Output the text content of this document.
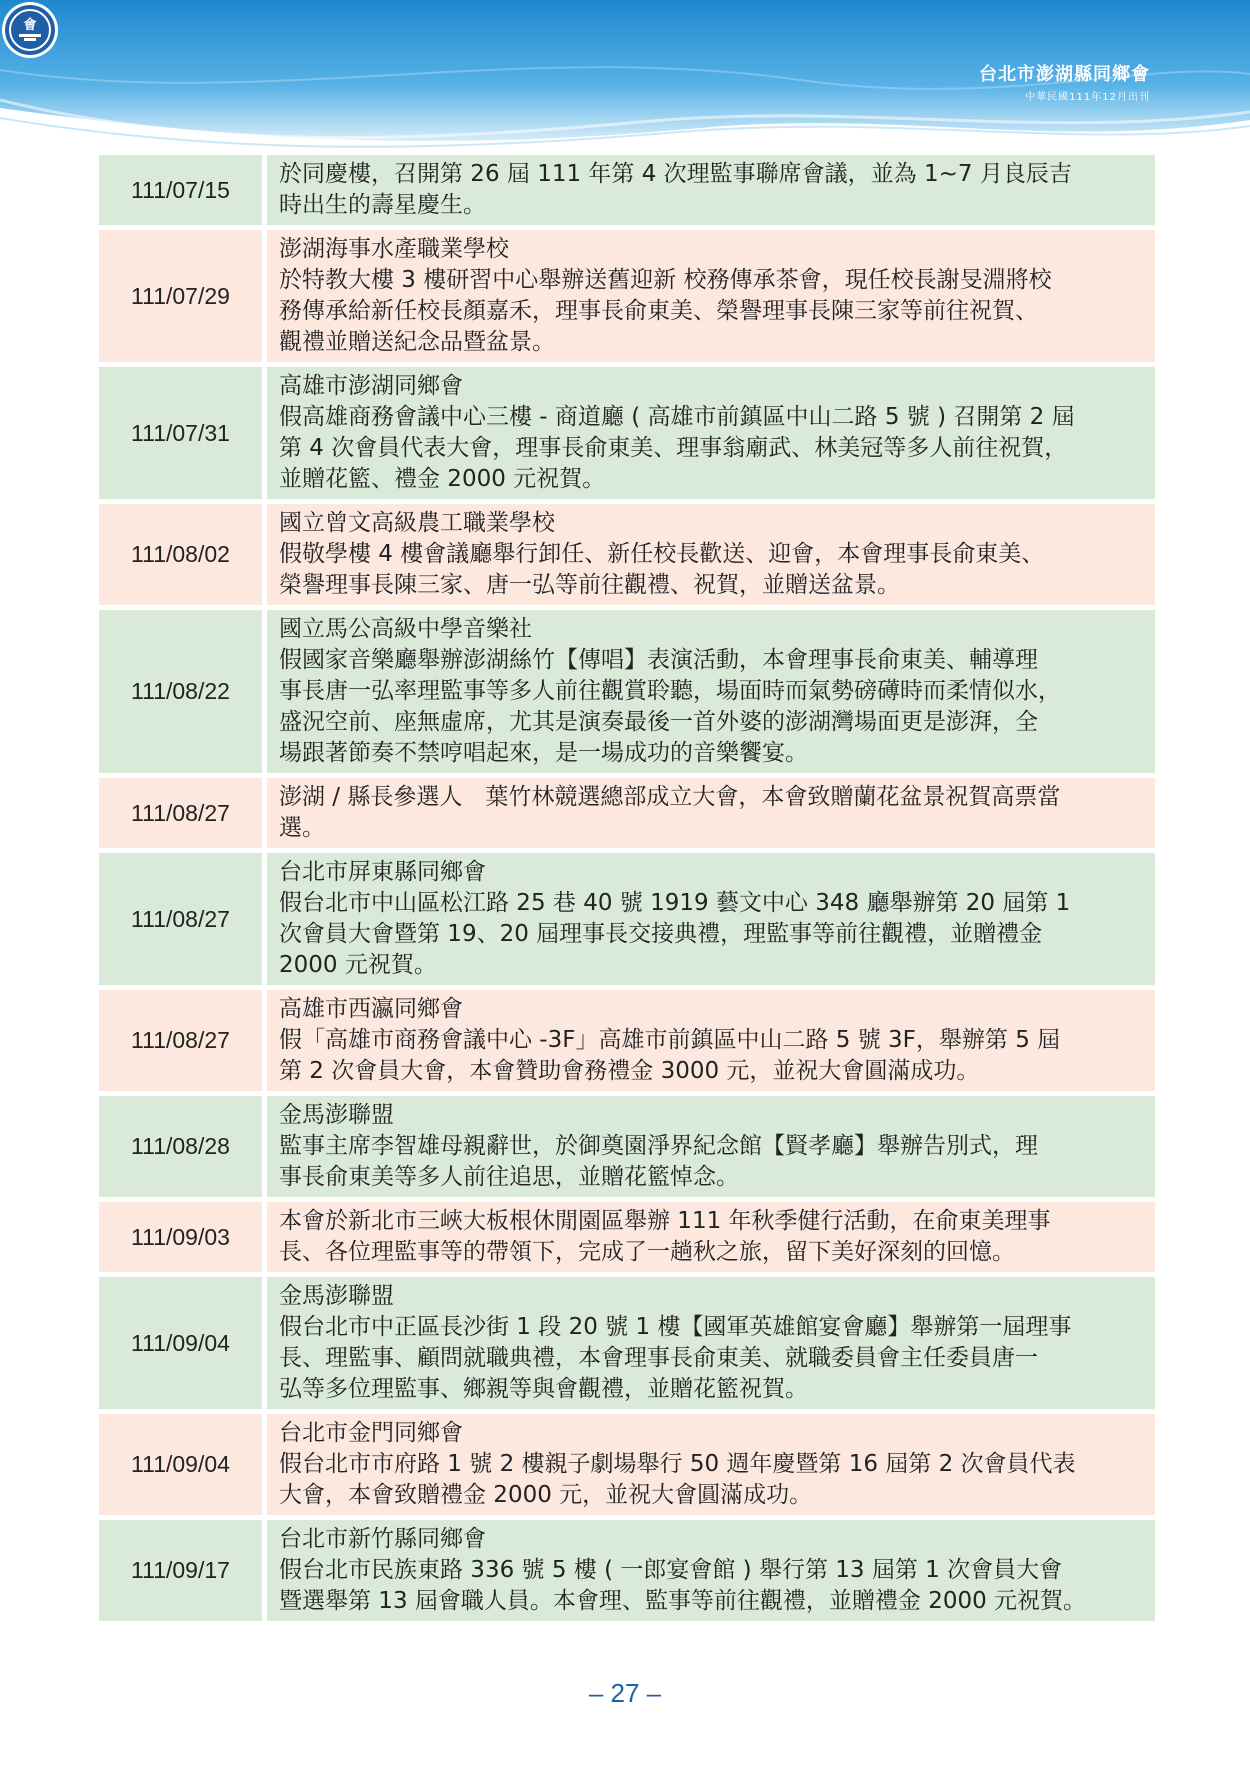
台北市澎湖縣同鄉會
中華民國111年12月出刊
會
111/07/15
於同慶樓，召開第 26 屆 111 年第 4 次理監事聯席會議，並為 1~7 月良辰吉
時出生的壽星慶生。
111/07/29
澎湖海事水產職業學校
於特教大樓 3 樓研習中心舉辦送舊迎新 校務傳承茶會，現任校長謝旻淵將校
務傳承給新任校長顏嘉禾，理事長俞東美、榮譽理事長陳三家等前往祝賀、
觀禮並贈送紀念品暨盆景。
111/07/31
高雄市澎湖同鄉會
假高雄商務會議中心三樓 - 商道廳 ( 高雄市前鎮區中山二路 5 號 ) 召開第 2 屆
第 4 次會員代表大會，理事長俞東美、理事翁廟武、林美冠等多人前往祝賀，
並贈花籃、禮金 2000 元祝賀。
111/08/02
國立曾文高級農工職業學校
假敬學樓 4 樓會議廳舉行卸任、新任校長歡送、迎會，本會理事長俞東美、
榮譽理事長陳三家、唐一弘等前往觀禮、祝賀，並贈送盆景。
111/08/22
國立馬公高級中學音樂社
假國家音樂廳舉辦澎湖絲竹【傳唱】表演活動，本會理事長俞東美、輔導理
事長唐一弘率理監事等多人前往觀賞聆聽，場面時而氣勢磅礡時而柔情似水，
盛況空前、座無虛席，尤其是演奏最後一首外婆的澎湖灣場面更是澎湃，全
場跟著節奏不禁哼唱起來，是一場成功的音樂饗宴。
111/08/27
澎湖 / 縣長參選人　葉竹林競選總部成立大會，本會致贈蘭花盆景祝賀高票當
選。
111/08/27
台北市屏東縣同鄉會
假台北市中山區松江路 25 巷 40 號 1919 藝文中心 348 廳舉辦第 20 屆第 1
次會員大會暨第 19、20 屆理事長交接典禮，理監事等前往觀禮，並贈禮金
2000 元祝賀。
111/08/27
高雄市西瀛同鄉會
假「高雄市商務會議中心 -3F」高雄市前鎮區中山二路 5 號 3F，舉辦第 5 屆
第 2 次會員大會，本會贊助會務禮金 3000 元，並祝大會圓滿成功。
111/08/28
金馬澎聯盟
監事主席李智雄母親辭世，於御奠園淨界紀念館【賢孝廳】舉辦告別式，理
事長俞東美等多人前往追思，並贈花籃悼念。
111/09/03
本會於新北市三峽大板根休閒園區舉辦 111 年秋季健行活動，在俞東美理事
長、各位理監事等的帶領下，完成了一趟秋之旅，留下美好深刻的回憶。
111/09/04
金馬澎聯盟
假台北市中正區長沙街 1 段 20 號 1 樓【國軍英雄館宴會廳】舉辦第一屆理事
長、理監事、顧問就職典禮，本會理事長俞東美、就職委員會主任委員唐一
弘等多位理監事、鄉親等與會觀禮，並贈花籃祝賀。
111/09/04
台北市金門同鄉會
假台北市市府路 1 號 2 樓親子劇場舉行 50 週年慶暨第 16 屆第 2 次會員代表
大會，本會致贈禮金 2000 元，並祝大會圓滿成功。
111/09/17
台北市新竹縣同鄉會
假台北市民族東路 336 號 5 樓 ( 一郎宴會館 ) 舉行第 13 屆第 1 次會員大會
暨選舉第 13 屆會職人員。本會理、監事等前往觀禮，並贈禮金 2000 元祝賀。
– 27 –
